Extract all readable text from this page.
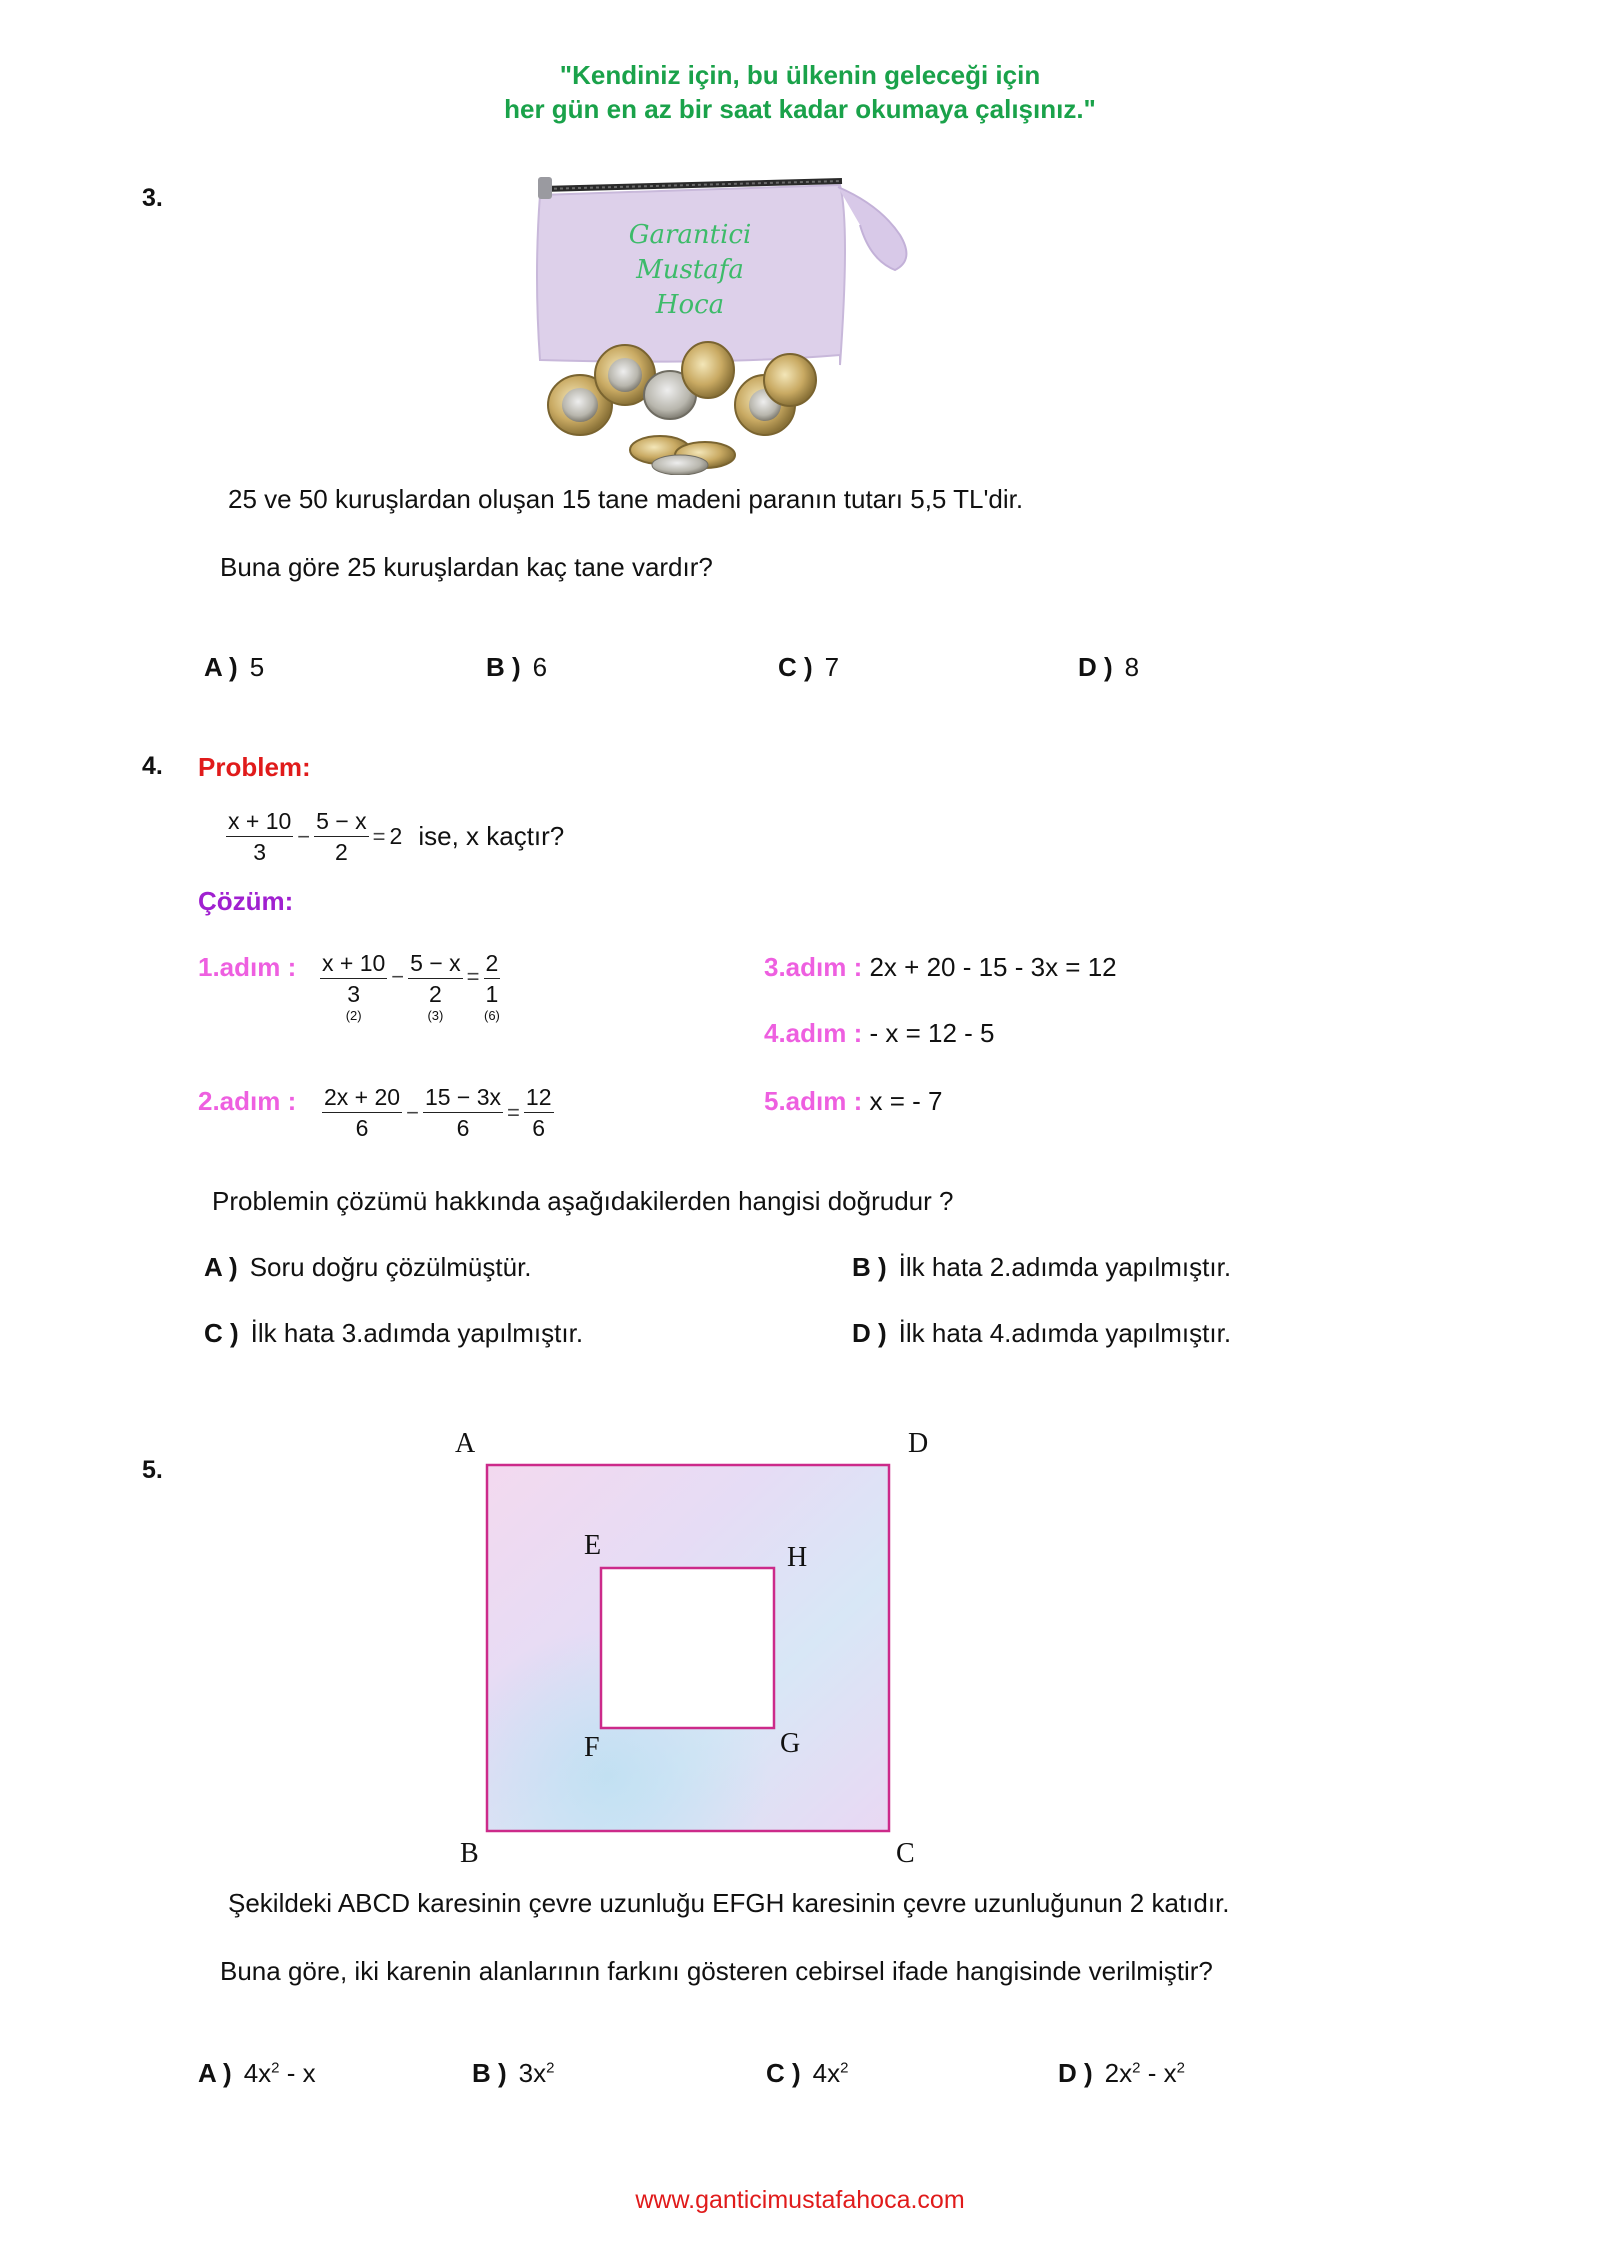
"Kendiniz için, bu ülkenin geleceği için
her gün en az bir saat kadar okumaya çalışınız."
3.
Garantici
Mustafa
Hoca
25 ve 50 kuruşlardan oluşan 15 tane madeni paranın tutarı 5,5 TL'dir.
Buna göre 25 kuruşlardan kaç tane vardır?
A ) 5	B ) 6	C ) 7	D ) 8
4. Problem:
$\frac{x + 10}{3} - \frac{5 - x}{2} = 2$ ise, x kaçtır?
Çözüm:
1.adım : x + 10
3
(2)
−
5 − x
2
(3)
=
2
1
(6)
2.adım : $\frac{2x + 20}{6} - \frac{15 - 3x}{6} = \frac{12}{6}$
3.adım : 2x + 20 - 15 - 3x = 12
4.adım : - x = 12 - 5
5.adım : x = - 7
Problemin çözümü hakkında aşağıdakilerden hangisi doğrudur ?
A ) Soru doğru çözülmüştür.	B ) İlk hata 2.adımda yapılmıştır.
C ) İlk hata 3.adımda yapılmıştır.	D ) İlk hata 4.adımda yapılmıştır.
5.
A	D
E	H
F	G
B	C
Şekildeki ABCD karesinin çevre uzunluğu EFGH karesinin çevre uzunluğunun 2 katıdır.
Buna göre, iki karenin alanlarının farkını gösteren cebirsel ifade hangisinde verilmiştir?
A ) $4x^2$ - x	B ) $3x^2$	C ) $4x^2$	D ) $2x^2 - x^2$
www.ganticimustafahoca.com
